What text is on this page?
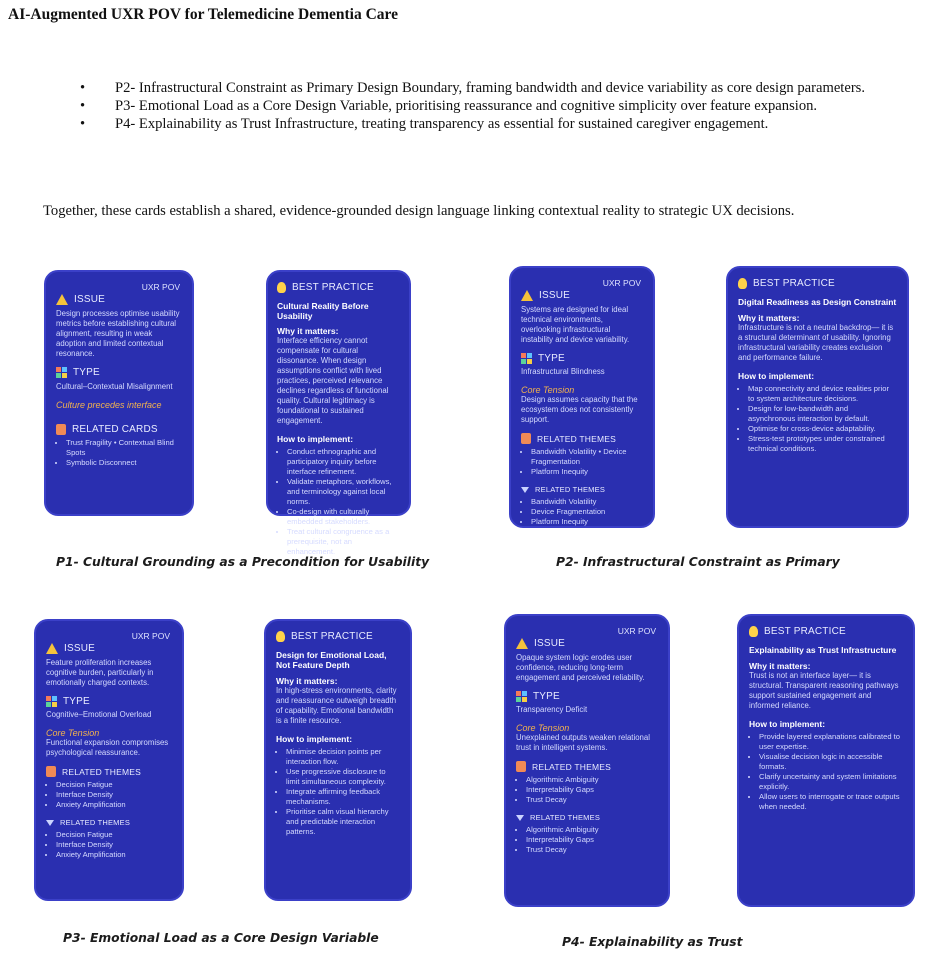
AI-Augmented UXR POV for Telemedicine Dementia Care
• P2- Infrastructural Constraint as Primary Design Boundary, framing bandwidth and device variability as core design parameters.
• P3- Emotional Load as a Core Design Variable, prioritising reassurance and cognitive simplicity over feature expansion.
• P4- Explainability as Trust Infrastructure, treating transparency as essential for sustained caregiver engagement.

Together, these cards establish a shared, evidence-grounded design language linking contextual reality to strategic UX decisions.

UXR POV
ISSUE
Design processes optimise usability metrics before establishing cultural alignment, resulting in weak adoption and limited contextual resonance.
TYPE
Cultural–Contextual Misalignment
Culture precedes interface
RELATED CARDS
• Trust Fragility • Contextual Blind Spots
• Symbolic Disconnect
BEST PRACTICE
Cultural Reality Before Usability
Why it matters:
Interface efficiency cannot compensate for cultural dissonance. When design assumptions conflict with lived practices, perceived relevance declines regardless of functional quality. Cultural legitimacy is foundational to sustained engagement.
How to implement:
• Conduct ethnographic and participatory inquiry before interface refinement.
• Validate metaphors, workflows, and terminology against local norms.
• Co-design with culturally embedded stakeholders.
• Treat cultural congruence as a prerequisite, not an enhancement.
UXR POV
ISSUE
Systems are designed for ideal technical environments, overlooking infrastructural instability and device variability.
TYPE
Infrastructural Blindness
Core Tension
Design assumes capacity that the ecosystem does not consistently support.
RELATED THEMES
• Bandwidth Volatility • Device Fragmentation
• Platform Inequity
RELATED THEMES
• Bandwidth Volatility
• Device Fragmentation
• Platform Inequity
BEST PRACTICE
Digital Readiness as Design Constraint
Why it matters:
Infrastructure is not a neutral backdrop— it is a structural determinant of usability. Ignoring infrastructural variability creates exclusion and performance failure.
How to implement:
• Map connectivity and device realities prior to system architecture decisions.
• Design for low-bandwidth and asynchronous interaction by default.
• Optimise for cross-device adaptability.
• Stress-test prototypes under constrained technical conditions.
P1- Cultural Grounding as a Precondition for Usability	P2- Infrastructural Constraint as Primary
UXR POV
ISSUE
Feature proliferation increases cognitive burden, particularly in emotionally charged contexts.
TYPE
Cognitive–Emotional Overload
Core Tension
Functional expansion compromises psychological reassurance.
RELATED THEMES
• Decision Fatigue
• Interface Density
• Anxiety Amplification
RELATED THEMES
• Decision Fatigue
• Interface Density
• Anxiety Amplification
BEST PRACTICE
Design for Emotional Load, Not Feature Depth
Why it matters:
In high-stress environments, clarity and reassurance outweigh breadth of capability. Emotional bandwidth is a finite resource.
How to implement:
• Minimise decision points per interaction flow.
• Use progressive disclosure to limit simultaneous complexity.
• Integrate affirming feedback mechanisms.
• Prioritise calm visual hierarchy and predictable interaction patterns.
UXR POV
ISSUE
Opaque system logic erodes user confidence, reducing long-term engagement and perceived reliability.
TYPE
Transparency Deficit
Core Tension
Unexplained outputs weaken relational trust in intelligent systems.
RELATED THEMES
• Algorithmic Ambiguity
• Interpretability Gaps
• Trust Decay
RELATED THEMES
• Algorithmic Ambiguity
• Interpretability Gaps
• Trust Decay
BEST PRACTICE
Explainability as Trust Infrastructure
Why it matters:
Trust is not an interface layer— it is structural. Transparent reasoning pathways support sustained engagement and informed reliance.
How to implement:
• Provide layered explanations calibrated to user expertise.
• Visualise decision logic in accessible formats.
• Clarify uncertainty and system limitations explicitly.
• Allow users to interrogate or trace outputs when needed.
P3- Emotional Load as a Core Design Variable	P4- Explainability as Trust
